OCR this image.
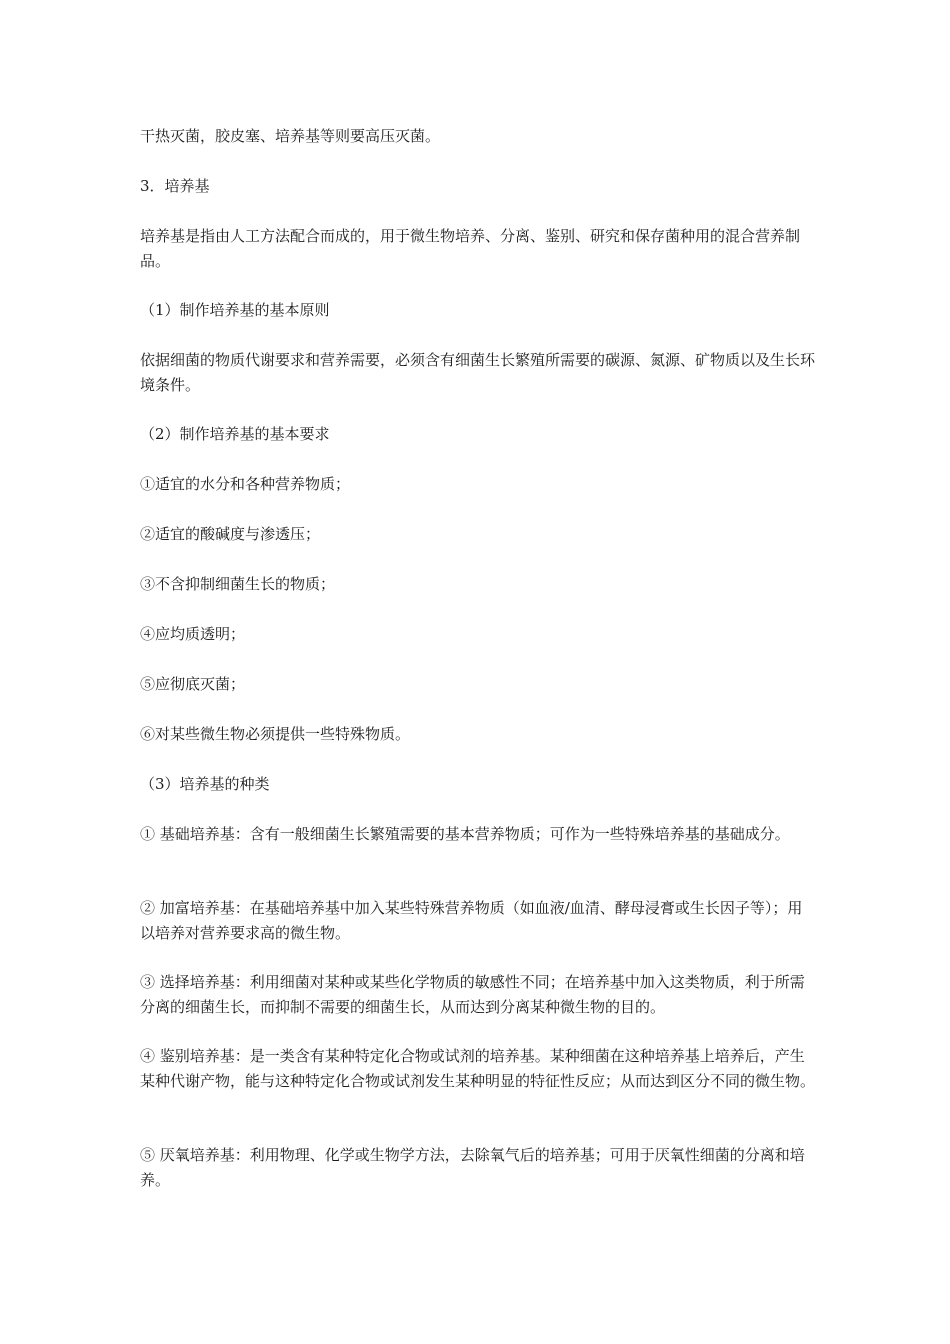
干热灭菌，胶皮塞、培养基等则要高压灭菌。

3．培养基

培养基是指由人工方法配合而成的，用于微生物培养、分离、鉴别、研究和保存菌种用的混合营养制品。

（1）制作培养基的基本原则

依据细菌的物质代谢要求和营养需要，必须含有细菌生长繁殖所需要的碳源、氮源、矿物质以及生长环境条件。

（2）制作培养基的基本要求

①适宜的水分和各种营养物质；

②适宜的酸碱度与渗透压；

③不含抑制细菌生长的物质；

④应均质透明；

⑤应彻底灭菌；

⑥对某些微生物必须提供一些特殊物质。

（3）培养基的种类

① 基础培养基：含有一般细菌生长繁殖需要的基本营养物质；可作为一些特殊培养基的基础成分。

② 加富培养基：在基础培养基中加入某些特殊营养物质（如血液/血清、酵母浸膏或生长因子等）；用以培养对营养要求高的微生物。

③ 选择培养基：利用细菌对某种或某些化学物质的敏感性不同；在培养基中加入这类物质，利于所需分离的细菌生长，而抑制不需要的细菌生长，从而达到分离某种微生物的目的。

④ 鉴别培养基：是一类含有某种特定化合物或试剂的培养基。某种细菌在这种培养基上培养后，产生某种代谢产物，能与这种特定化合物或试剂发生某种明显的特征性反应；从而达到区分不同的微生物。

⑤ 厌氧培养基：利用物理、化学或生物学方法，去除氧气后的培养基；可用于厌氧性细菌的分离和培养。
